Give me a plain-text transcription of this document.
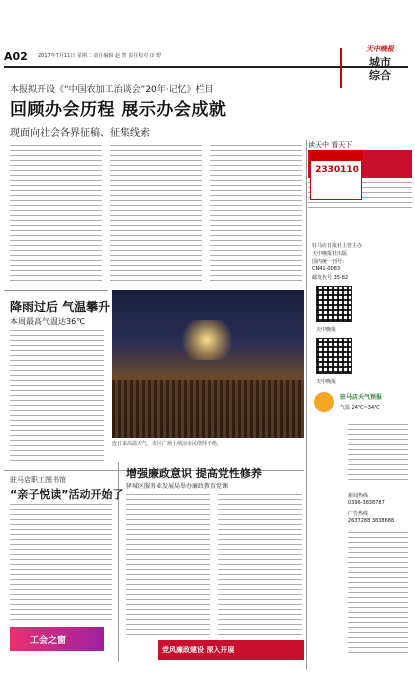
A02 2017年7月11日 星期二 责任编辑 赵 智 责任校对 田 野
天中晚报
城市
综合
本报拟开设《“中国农加工治谈会”20年·记忆》栏目
回顾办会历程 展示办会成就
现面向社会各界征稿、征集线索
降雨过后 气温攀升
本周最高气温达36℃
连日来高温天气，市区广场上纳凉市民络绎不绝。
驻马店职工图书馆
“亲子悦读”活动开始了
工会之窗
增强廉政意识 提高党性修养
驿城区服务业发展局举办廉政教育党课
党风廉政建设 深入开展
读天中 看天下
驻马店日报社主管主办
天中晚报社出版
国内统一刊号：
CN41-0083
邮发代号 35-82
天中晚报
天中晚报
驻马店天气预报
气温 24℃~34℃
新闻热线
0396-3838787
广告热线
2637288 3838688
2330110
